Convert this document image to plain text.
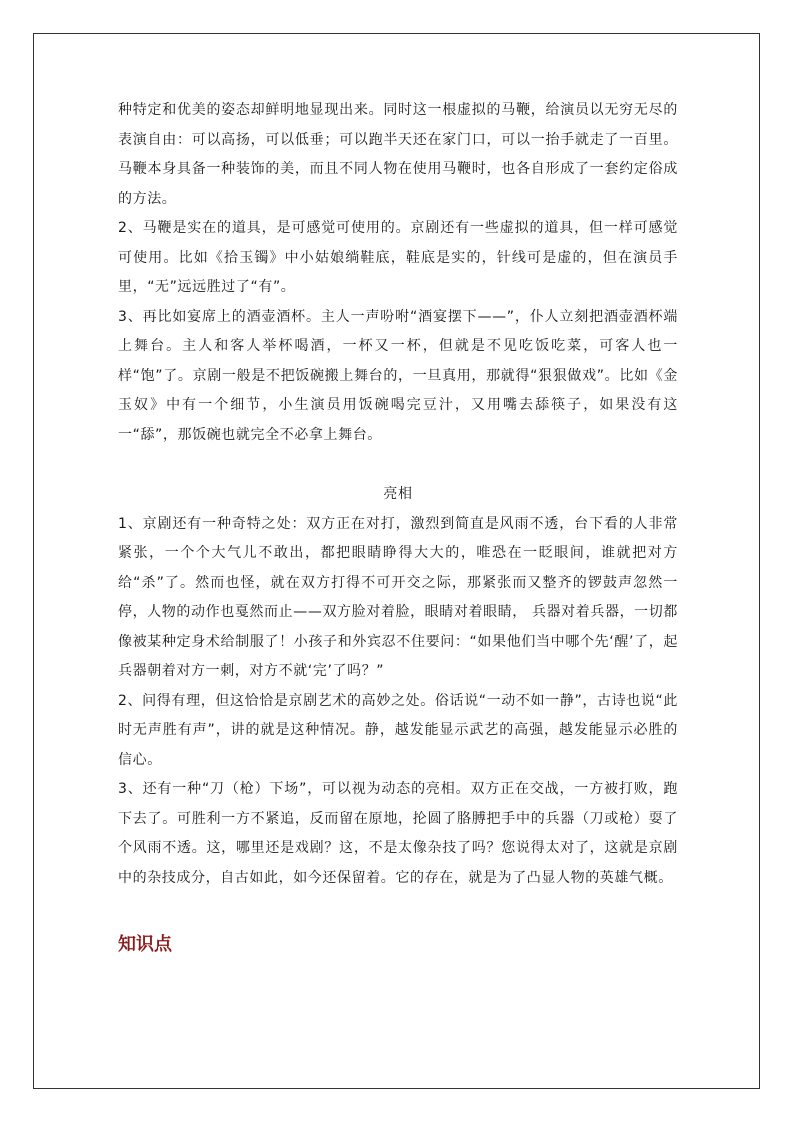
种特定和优美的姿态却鲜明地显现出来。同时这一根虚拟的马鞭，给演员以无穷无尽的表演自由：可以高扬，可以低垂；可以跑半天还在家门口，可以一抬手就走了一百里。马鞭本身具备一种装饰的美，而且不同人物在使用马鞭时，也各自形成了一套约定俗成的方法。

2、马鞭是实在的道具，是可感觉可使用的。京剧还有一些虚拟的道具，但一样可感觉可使用。比如《拾玉镯》中小姑娘绱鞋底，鞋底是实的，针线可是虚的，但在演员手里，“无”远远胜过了“有”。

3、再比如宴席上的酒壶酒杯。主人一声吩咐“酒宴摆下——”，仆人立刻把酒壶酒杯端上舞台。主人和客人举杯喝酒，一杯又一杯，但就是不见吃饭吃菜，可客人也一样“饱”了。京剧一般是不把饭碗搬上舞台的，一旦真用，那就得“狠狠做戏”。比如《金玉奴》中有一个细节，小生演员用饭碗喝完豆汁，又用嘴去舔筷子，如果没有这一“舔”，那饭碗也就完全不必拿上舞台。

亮相

1、京剧还有一种奇特之处：双方正在对打，激烈到简直是风雨不透，台下看的人非常紧张，一个个大气儿不敢出，都把眼睛睁得大大的，唯恐在一眨眼间，谁就把对方给“杀”了。然而也怪，就在双方打得不可开交之际，那紧张而又整齐的锣鼓声忽然一停，人物的动作也戛然而止——双方脸对着脸，眼睛对着眼睛， 兵器对着兵器，一切都像被某种定身术给制服了！小孩子和外宾忍不住要问：“如果他们当中哪个先‘醒’了，起兵器朝着对方一刺，对方不就‘完’了吗？”

2、问得有理，但这恰恰是京剧艺术的高妙之处。俗话说“一动不如一静”，古诗也说“此时无声胜有声”，讲的就是这种情况。静，越发能显示武艺的高强，越发能显示必胜的信心。

3、还有一种“刀（枪）下场”，可以视为动态的亮相。双方正在交战，一方被打败，跑下去了。可胜利一方不紧追，反而留在原地，抡圆了胳膊把手中的兵器（刀或枪）耍了个风雨不透。这，哪里还是戏剧？这，不是太像杂技了吗？您说得太对了，这就是京剧中的杂技成分，自古如此，如今还保留着。它的存在，就是为了凸显人物的英雄气概。

知识点
